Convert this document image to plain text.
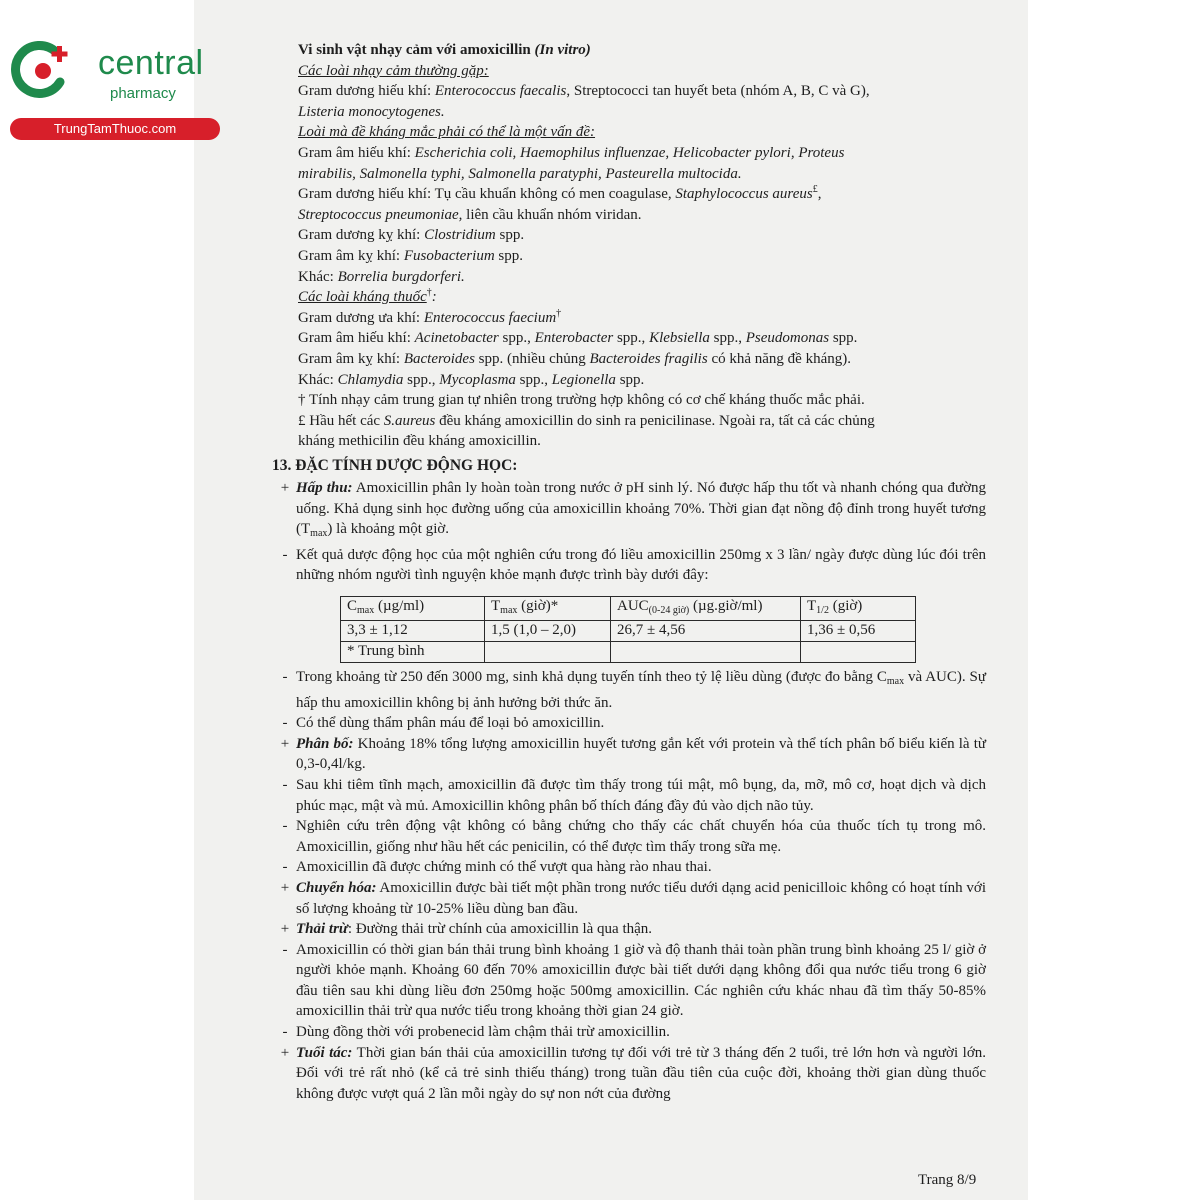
central
pharmacy
TrungTamThuoc.com
Vi sinh vật nhạy cảm với amoxicillin (In vitro)
Các loài nhạy cảm thường gặp:
Gram dương hiếu khí: Enterococcus faecalis, Streptococci tan huyết beta (nhóm A, B, C và G),
Listeria monocytogenes.
Loài mà đề kháng mắc phải có thể là một vấn đề:
Gram âm hiếu khí: Escherichia coli, Haemophilus influenzae, Helicobacter pylori, Proteus
mirabilis, Salmonella typhi, Salmonella paratyphi, Pasteurella multocida.
Gram dương hiếu khí: Tụ cầu khuẩn không có men coagulase, Staphylococcus aureus£,
Streptococcus pneumoniae, liên cầu khuẩn nhóm viridan.
Gram dương kỵ khí: Clostridium spp.
Gram âm kỵ khí: Fusobacterium spp.
Khác: Borrelia burgdorferi.
Các loài kháng thuốc†:
Gram dương ưa khí: Enterococcus faecium†
Gram âm hiếu khí: Acinetobacter spp., Enterobacter spp., Klebsiella spp., Pseudomonas spp.
Gram âm kỵ khí: Bacteroides spp. (nhiều chủng Bacteroides fragilis có khả năng đề kháng).
Khác: Chlamydia spp., Mycoplasma spp., Legionella spp.
† Tính nhạy cảm trung gian tự nhiên trong trường hợp không có cơ chế kháng thuốc mắc phải.
£ Hầu hết các S.aureus đều kháng amoxicillin do sinh ra penicilinase. Ngoài ra, tất cả các chủng
kháng methicilin đều kháng amoxicillin.
13. ĐẶC TÍNH DƯỢC ĐỘNG HỌC:

+ Hấp thu: Amoxicillin phân ly hoàn toàn trong nước ở pH sinh lý. Nó được hấp thu tốt và nhanh chóng qua đường uống. Khả dụng sinh học đường uống của amoxicillin khoảng 70%. Thời gian đạt nồng độ đỉnh trong huyết tương $(T_{max})$ là khoảng một giờ.

- Kết quả dược động học của một nghiên cứu trong đó liều amoxicillin 250mg x 3 lần/ ngày được dùng lúc đói trên những nhóm người tình nguyện khỏe mạnh được trình bày dưới đây:

$C_{max}$ (µg/ml)	$T_{max}$ (giờ)*	$AUC_{(0-24 giờ)}$ (µg.giờ/ml)	$T_{1/2}$ (giờ)
3,3 ± 1,12	1,5 (1,0 – 2,0)	26,7 ± 4,56	1,36 ± 0,56
* Trung bình			

- Trong khoảng từ 250 đến 3000 mg, sinh khả dụng tuyến tính theo tỷ lệ liều dùng (được đo bằng $C_{max}$ và AUC). Sự hấp thu amoxicillin không bị ảnh hưởng bởi thức ăn.

- Có thể dùng thẩm phân máu để loại bỏ amoxicillin.

+ Phân bố: Khoảng 18% tổng lượng amoxicillin huyết tương gắn kết với protein và thể tích phân bố biểu kiến là từ 0,3-0,4l/kg.

- Sau khi tiêm tĩnh mạch, amoxicillin đã được tìm thấy trong túi mật, mô bụng, da, mỡ, mô cơ, hoạt dịch và dịch phúc mạc, mật và mủ. Amoxicillin không phân bố thích đáng đầy đủ vào dịch não tủy.

- Nghiên cứu trên động vật không có bằng chứng cho thấy các chất chuyển hóa của thuốc tích tụ trong mô. Amoxicillin, giống như hầu hết các penicilin, có thể được tìm thấy trong sữa mẹ.

- Amoxicillin đã được chứng minh có thể vượt qua hàng rào nhau thai.

+ Chuyển hóa: Amoxicillin được bài tiết một phần trong nước tiểu dưới dạng acid penicilloic không có hoạt tính với số lượng khoảng từ 10-25% liều dùng ban đầu.

+ Thải trừ: Đường thải trừ chính của amoxicillin là qua thận.

- Amoxicillin có thời gian bán thải trung bình khoảng 1 giờ và độ thanh thải toàn phần trung bình khoảng 25 l/ giờ ở người khỏe mạnh. Khoảng 60 đến 70% amoxicillin được bài tiết dưới dạng không đổi qua nước tiểu trong 6 giờ đầu tiên sau khi dùng liều đơn 250mg hoặc 500mg amoxicillin. Các nghiên cứu khác nhau đã tìm thấy 50-85% amoxicillin thải trừ qua nước tiểu trong khoảng thời gian 24 giờ.

- Dùng đồng thời với probenecid làm chậm thải trừ amoxicillin.

+ Tuổi tác: Thời gian bán thải của amoxicillin tương tự đối với trẻ từ 3 tháng đến 2 tuổi, trẻ lớn hơn và người lớn. Đối với trẻ rất nhỏ (kể cả trẻ sinh thiếu tháng) trong tuần đầu tiên của cuộc đời, khoảng thời gian dùng thuốc không được vượt quá 2 lần mỗi ngày do sự non nớt của đường

Trang 8/9
